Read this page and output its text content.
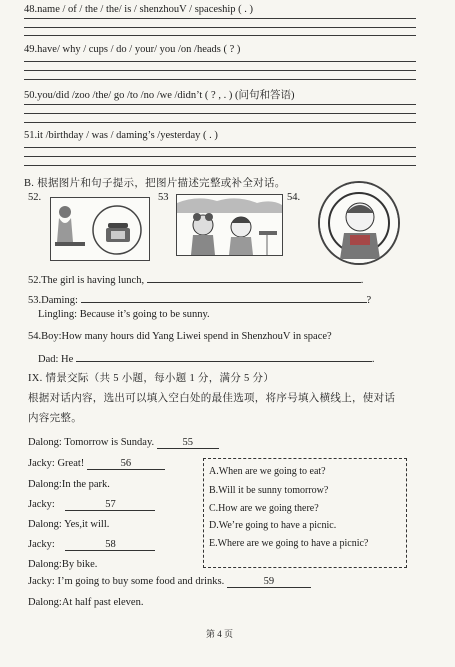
48.name / of / the / the/ is / shenzhouV / spaceship ( . )
49.have/ why / cups / do / your/ you /on /heads ( ? )
50.you/did /zoo /the/ go /to /no /we /didn’t ( ? , . ) (问句和答语)
51.it /birthday / was / daming’s /yesterday ( . )
B. 根据图片和句子提示，把图片描述完整或补全对话。
52.	53	54.
52.The girl is having lunch,	.
53.Daming:	?
Lingling: Because it’s going to be sunny.
54.Boy:How many hours did Yang Liwei spend in ShenzhouV in space?
Dad: He	.
IX. 情景交际（共 5 小题，每小题 1 分，满分 5 分）
根据对话内容，选出可以填入空白处的最佳选项，将序号填入横线上，使对话
内容完整。
Dalong: Tomorrow is Sunday.	55
Jacky: Great!	56
Dalong:In the park.
Jacky:	57
Dalong: Yes,it will.
Jacky:	58
Dalong:By bike.
Jacky: I’m going to buy some food and drinks.	59
Dalong:At half past eleven.
A.When are we going to eat?
B.Will it be sunny tomorrow?
C.How are we going there?
D.We’re going to have a picnic.
E.Where are we going to have a picnic?
第 4 页
